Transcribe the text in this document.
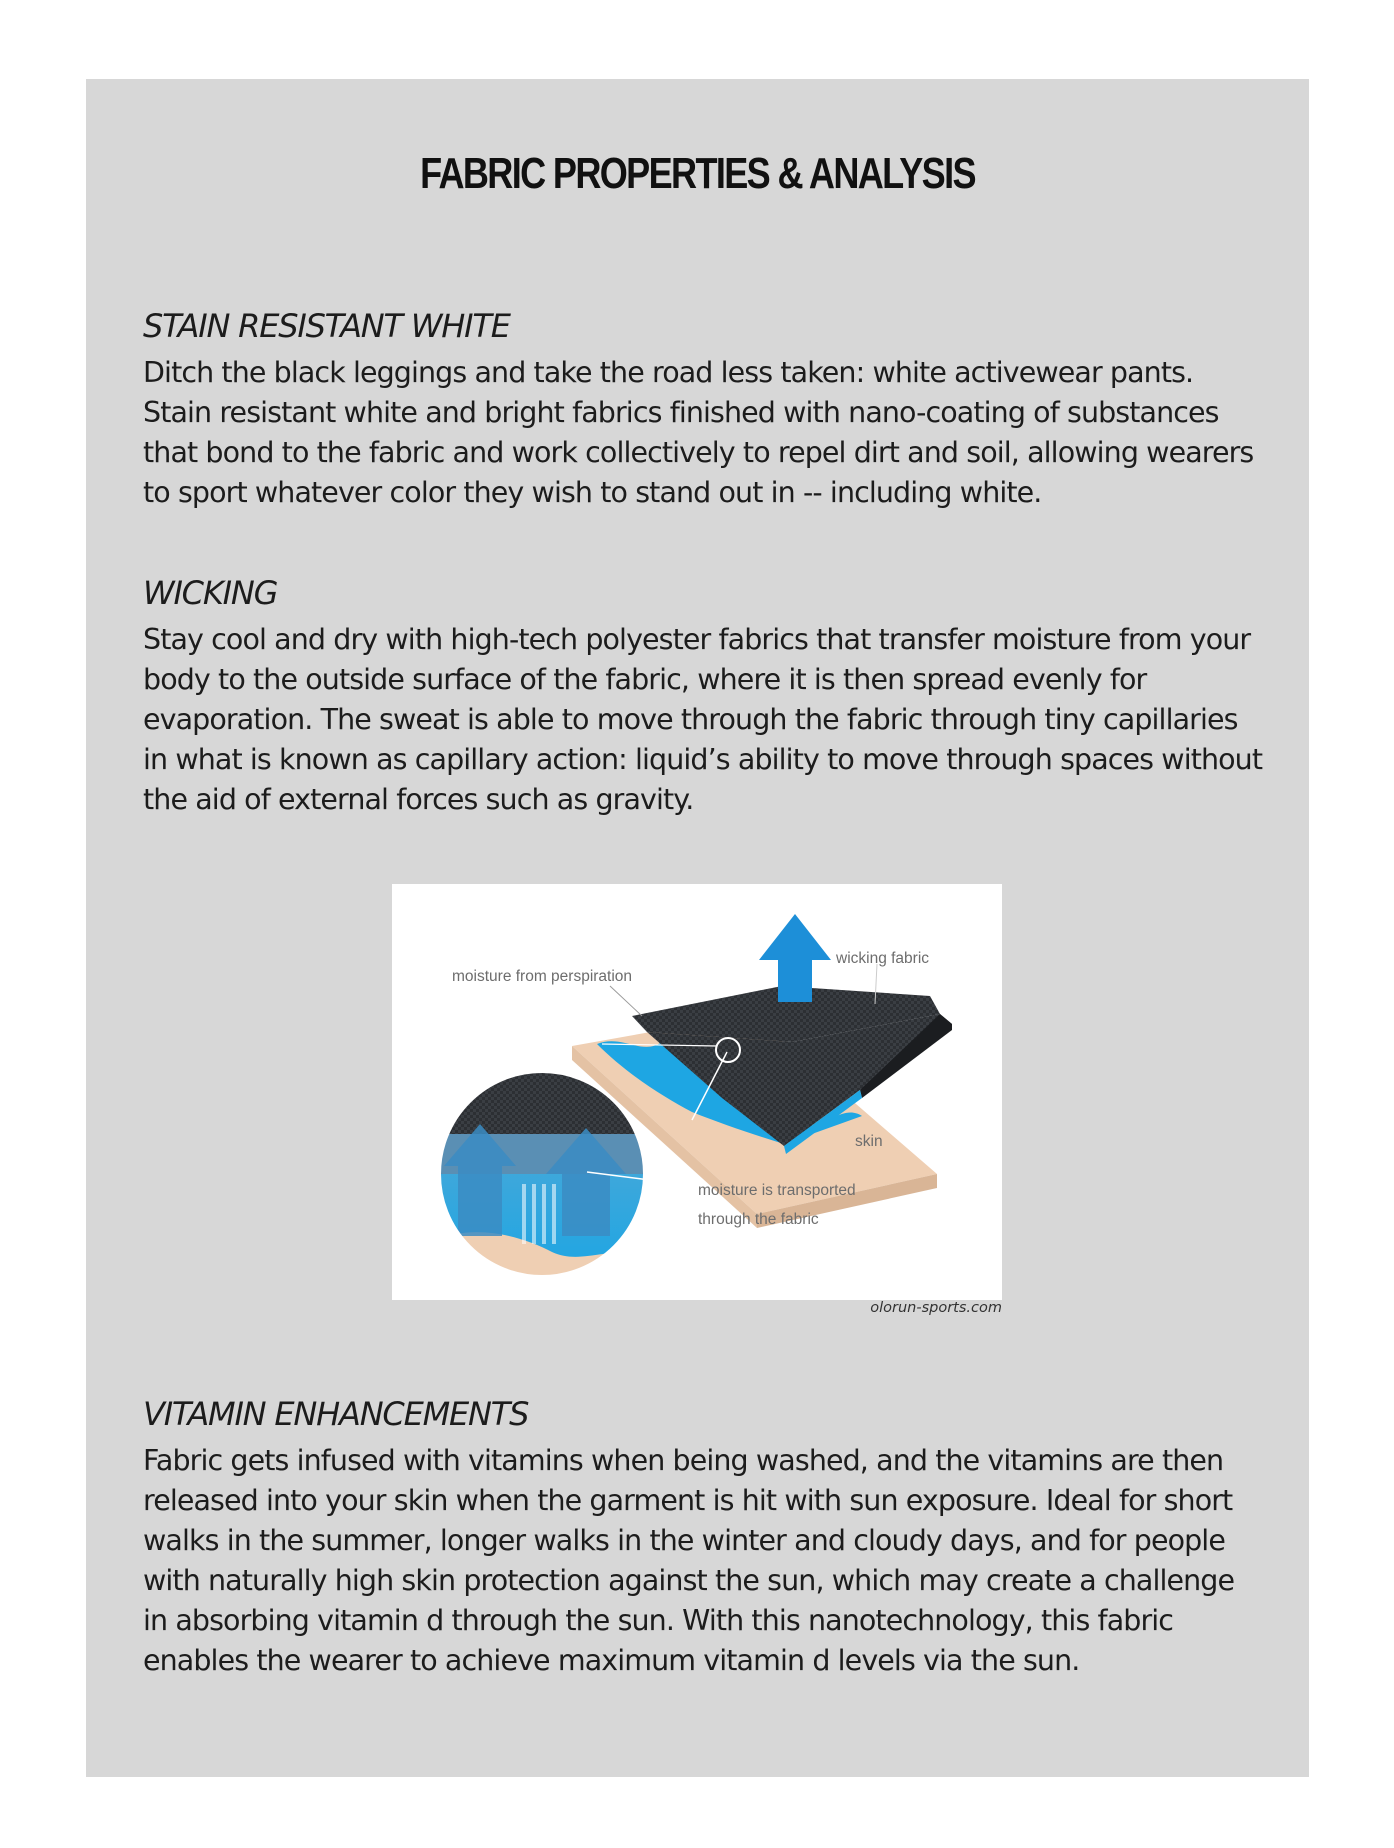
FABRIC PROPERTIES & ANALYSIS
STAIN RESISTANT WHITE

Ditch the black leggings and take the road less taken: white activewear pants. Stain resistant white and bright fabrics finished with nano-coating of substances that bond to the fabric and work collectively to repel dirt and soil, allowing wearers to sport whatever color they wish to stand out in -- including white.

WICKING

Stay cool and dry with high-tech polyester fabrics that transfer moisture from your body to the outside surface of the fabric, where it is then spread evenly for evaporation. The sweat is able to move through the fabric through tiny capillaries in what is known as capillary action: liquid’s ability to move through spaces without the aid of external forces such as gravity.

moisture from perspiration
wicking fabric
skin
moisture is transported
through the fabric
olorun-sports.com
VITAMIN ENHANCEMENTS

Fabric gets infused with vitamins when being washed, and the vitamins are then released into your skin when the garment is hit with sun exposure. Ideal for short walks in the summer, longer walks in the winter and cloudy days, and for people with naturally high skin protection against the sun, which may create a challenge in absorbing vitamin d through the sun. With this nanotechnology, this fabric enables the wearer to achieve maximum vitamin d levels via the sun.
